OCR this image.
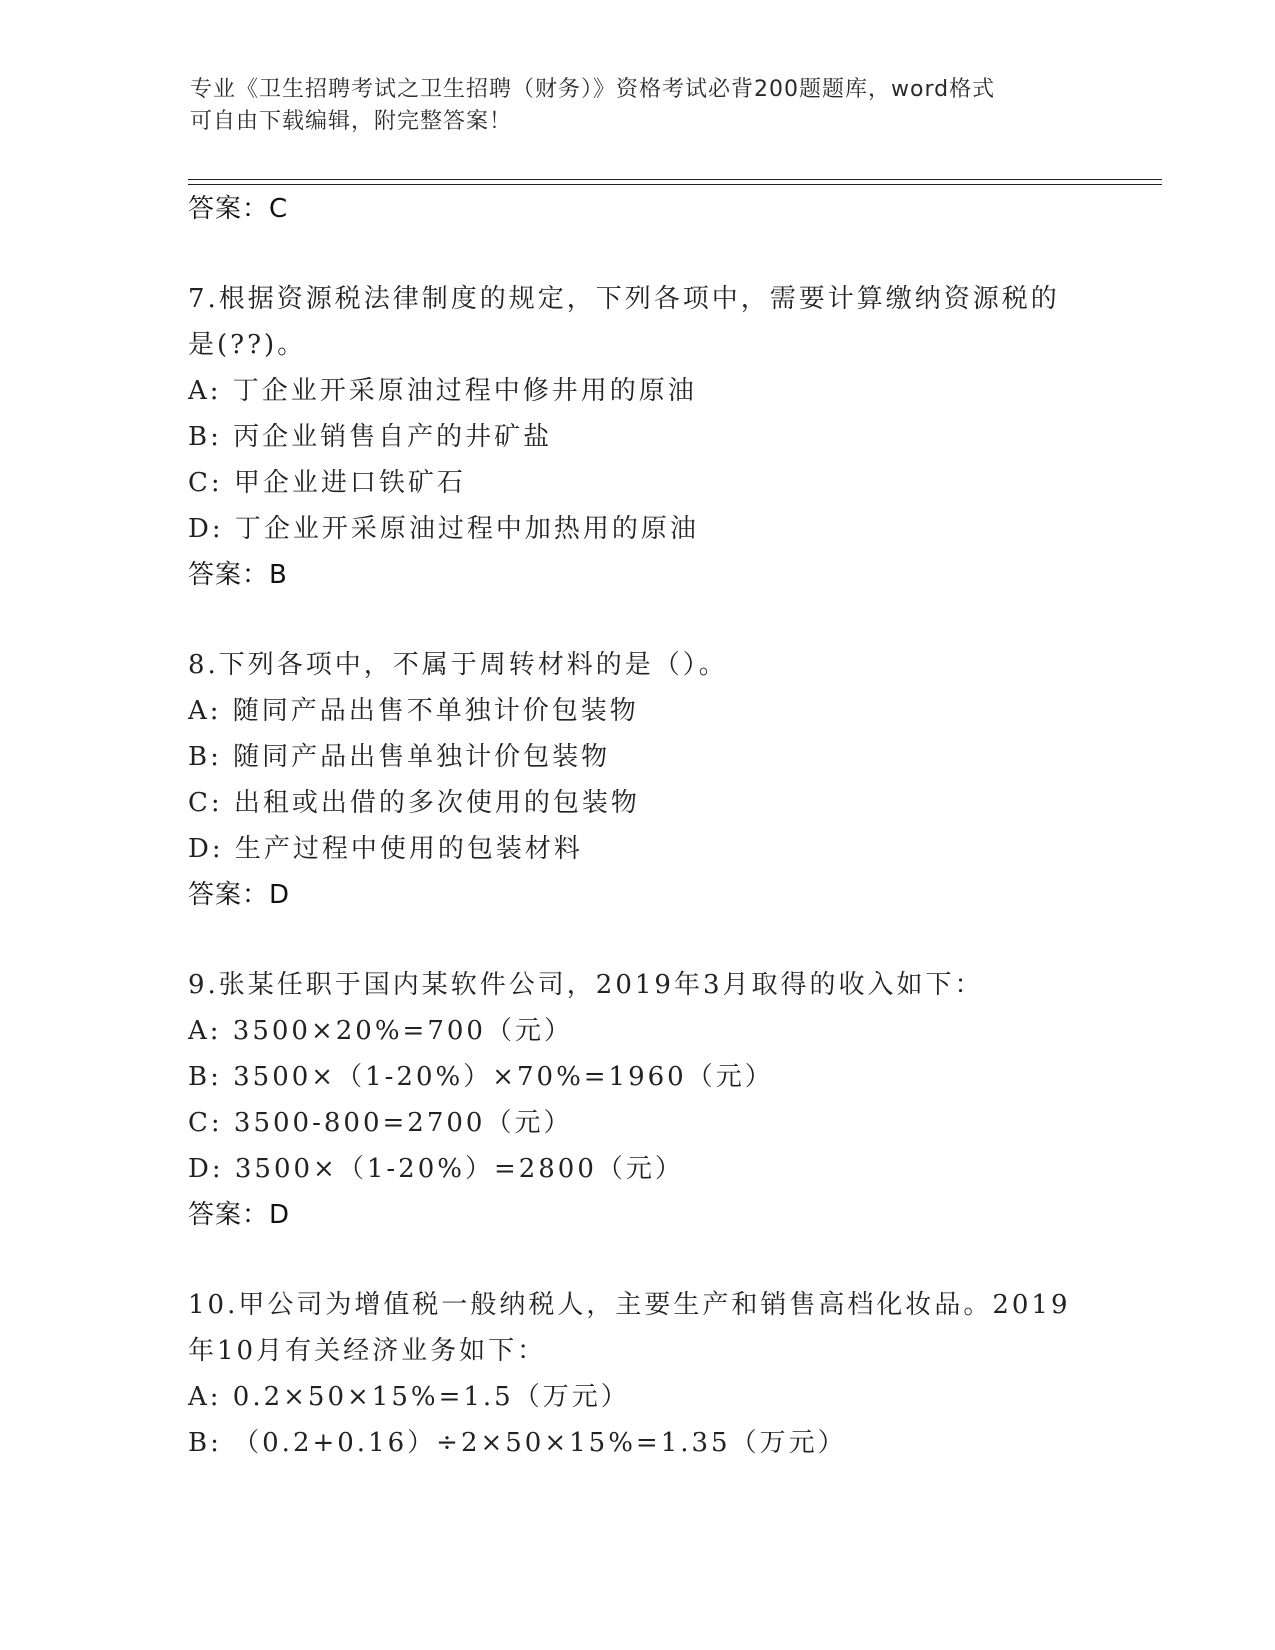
专业《卫生招聘考试之卫生招聘（财务）》资格考试必背200题题库，word格式
可自由下载编辑，附完整答案！
答案：C
7.根据资源税法律制度的规定，下列各项中，需要计算缴纳资源税的
是(??)。
A: 丁企业开采原油过程中修井用的原油
B: 丙企业销售自产的井矿盐
C: 甲企业进口铁矿石
D: 丁企业开采原油过程中加热用的原油
答案：B
8.下列各项中，不属于周转材料的是（）。
A: 随同产品出售不单独计价包装物
B: 随同产品出售单独计价包装物
C: 出租或出借的多次使用的包装物
D: 生产过程中使用的包装材料
答案：D
9.张某任职于国内某软件公司，2019年3月取得的收入如下：
A: 3500×20%=700（元）
B: 3500×（1-20%）×70%=1960（元）
C: 3500-800=2700（元）
D: 3500×（1-20%）=2800（元）
答案：D
10.甲公司为增值税一般纳税人，主要生产和销售高档化妆品。2019
年10月有关经济业务如下：
A: 0.2×50×15%=1.5（万元）
B: （0.2+0.16）÷2×50×15%=1.35（万元）
